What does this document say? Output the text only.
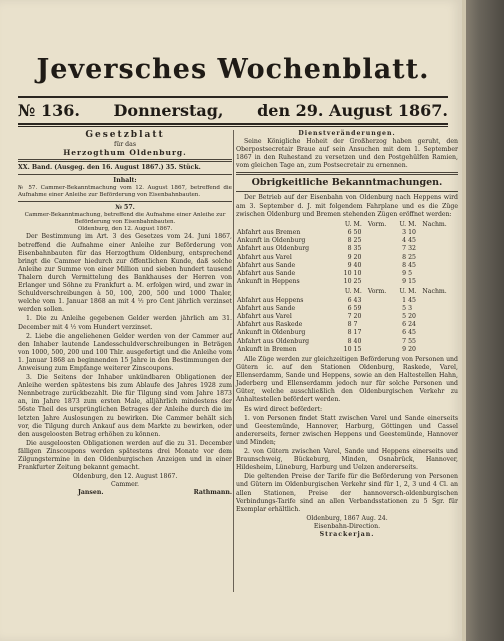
Jeversches Wochenblatt.
№ 136. Donnerstag, den 29. August 1867.
Gesetzblatt
für das
Herzogthum Oldenburg.
XX. Band. (Ausgeg. den 16. August 1867.) 35. Stück.
Inhalt:
№ 57. Cammer-Bekanntmachung vom 12. August 1867, betreffend die Aufnahme einer Anleihe zur Beförderung von Eisenbahnbauten.
№ 57.
Cammer-Bekanntmachung, betreffend die Aufnahme einer Anleihe zur
Beförderung von Eisenbahnbauten.
Oldenburg, den 12. August 1867.
Der Bestimmung im Art. 3 des Gesetzes vom 24. Juni 1867, betreffend die Aufnahme einer Anleihe zur Beförderung von Eisenbahnbauten für das Herzogthum Oldenburg, entsprechend bringt die Cammer hiedurch zur öffentlichen Kunde, daß solche Anleihe zur Summe von einer Million und sieben hundert tausend Thalern durch Vermittelung des Bankhauses der Herren von Erlanger und Söhne zu Frankfurt a. M. erfolgen wird, und zwar in Schuldverschreibungen à 50, 100, 200, 500 und 1000 Thaler, welche vom 1. Januar 1868 an mit 4 ½ pro Cent jährlich verzinset werden sollen.
1. Die zu Anleihe gegebenen Gelder werden jährlich am 31. December mit 4 ½ vom Hundert verzinset.
2. Liebe die angeliehenen Gelder werden von der Cammer auf den Inhaber lautende Landesschuldverschreibungen in Beträgen von 1000, 500, 200 und 100 Thlr. ausgefertigt und die Anleihe vom 1. Januar 1868 an beginnenden 15 Jahre in den Bestimmungen der Anweisung zum Empfange weiterer Zinscoupons.
3. Die Seitens der Inhaber unkündbaren Obligationen der Anleihe werden spätestens bis zum Ablaufe des Jahres 1928 zum Nennbetrage zurückbezahlt. Die für Tilgung sind vom Jahre 1873 an, im Jahre 1873 zum ersten Male, alljährlich mindestens der 56ste Theil des ursprünglichen Betrages der Anleihe durch die im letzten Jahre Auslosungen zu bewirken. Die Cammer behält sich vor, die Tilgung durch Ankauf aus dem Markte zu bewirken, oder den ausgeloosten Betrag erhöhen zu können.
Die ausgeloosten Obligationen werden auf die zu 31. December fälligen Zinscoupons werden spätestens drei Monate vor dem Zilgungstermine in den Oldenburgischen Anzeigen und in einer Frankfurter Zeitung bekannt gemacht.
Oldenburg, den 12. August 1867.
Cammer.
Jansen.	Rathmann.
Dienstveränderungen.
Seine Königliche Hoheit der Großherzog haben geruht, den Oberpostsecretair Braue auf sein Ansuchen mit dem 1. September 1867 in den Ruhestand zu versetzen und den Postgehülfen Ramien, vom gleichen Tage an, zum Postsecretair zu ernennen.
Obrigkeitliche Bekanntmachungen.
Der Betrieb auf der Eisenbahn von Oldenburg nach Heppens wird am 3. September d. J. mit folgendem Fahrplane und es die Züge zwischen Oldenburg und Bremen stehenden Zügen eröffnet werden:
	U.	M.	Vorm.	U.	M.	Nachm.
Abfahrt aus Bremen	6	50		3	10	
Ankunft in Oldenburg	8	25		4	45	
Abfahrt aus Oldenburg	8	35		7	32	
Abfahrt aus Varel	9	20		8	25	
Abfahrt aus Sande	9	40		8	45	
Abfahrt aus Sande	10	10		9	5	
Ankunft in Heppens	10	25		9	15	
	U.	M.	Vorm.	U.	M.	Nachm.
Abfahrt aus Heppens	6	43		1	45	
Abfahrt aus Sande	6	59		5	3	
Abfahrt aus Varel	7	20		5	20	
Abfahrt aus Raskede	8	7		6	24	
Ankunft in Oldenburg	8	17		6	45	
Abfahrt aus Oldenburg	8	40		7	55	
Ankunft in Bremen	10	15		9	20	
Alle Züge werden zur gleichzeitigen Beförderung von Personen und Gütern ic. auf den Stationen Oldenburg, Raskede, Varel, Ellenserdamm, Sande und Heppens, sowie an den Haltestellen Hahn, Jaderberg und Ellenserdamm jedoch nur für solche Personen und Güter, welche ausschließlich den Oldenburgischen Verkehr zu Anhaltestellen befördert werden.
Es wird direct befördert:
1. von Personen findet Statt zwischen Varel und Sande einerseits und Geestemünde, Hannover, Harburg, Göttingen und Cassel andererseits, ferner zwischen Heppens und Geestemünde, Hannover und Minden;
2. von Gütern zwischen Varel, Sande und Heppens einerseits und Braunschweig, Bückeburg, Minden, Osnabrück, Hannover, Hildesheim, Lüneburg, Harburg und Uelzen andererseits.
Die geltenden Preise der Tarife für die Beförderung von Personen und Gütern im Oldenburgischen Verkehr sind für 1, 2, 3 und 4 Cl. an allen Stationen, Preise der hannoversch-oldenburgischen Verbindungs-Tarife sind an allen Verbandsstationen zu 5 Sgr. für Exemplar erhältlich.
Oldenburg, 1867 Aug. 24.
Eisenbahn-Direction.
Strackerjan.
